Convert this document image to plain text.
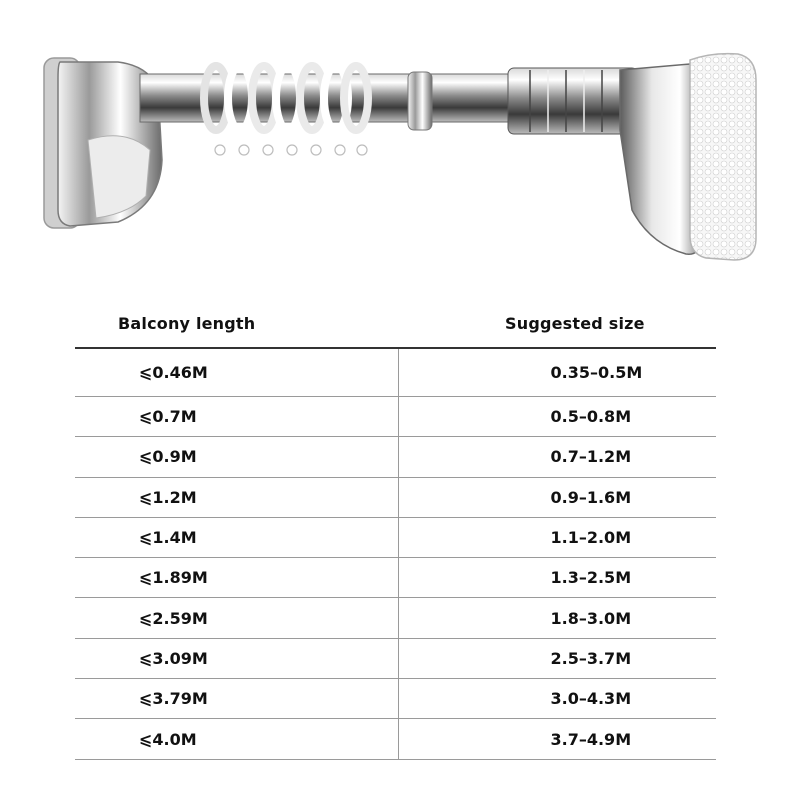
Balcony length	Suggested size
⩽0.46M	0.35–0.5M
⩽0.7M	0.5–0.8M
⩽0.9M	0.7–1.2M
⩽1.2M	0.9–1.6M
⩽1.4M	1.1–2.0M
⩽1.89M	1.3–2.5M
⩽2.59M	1.8–3.0M
⩽3.09M	2.5–3.7M
⩽3.79M	3.0–4.3M
⩽4.0M	3.7–4.9M
